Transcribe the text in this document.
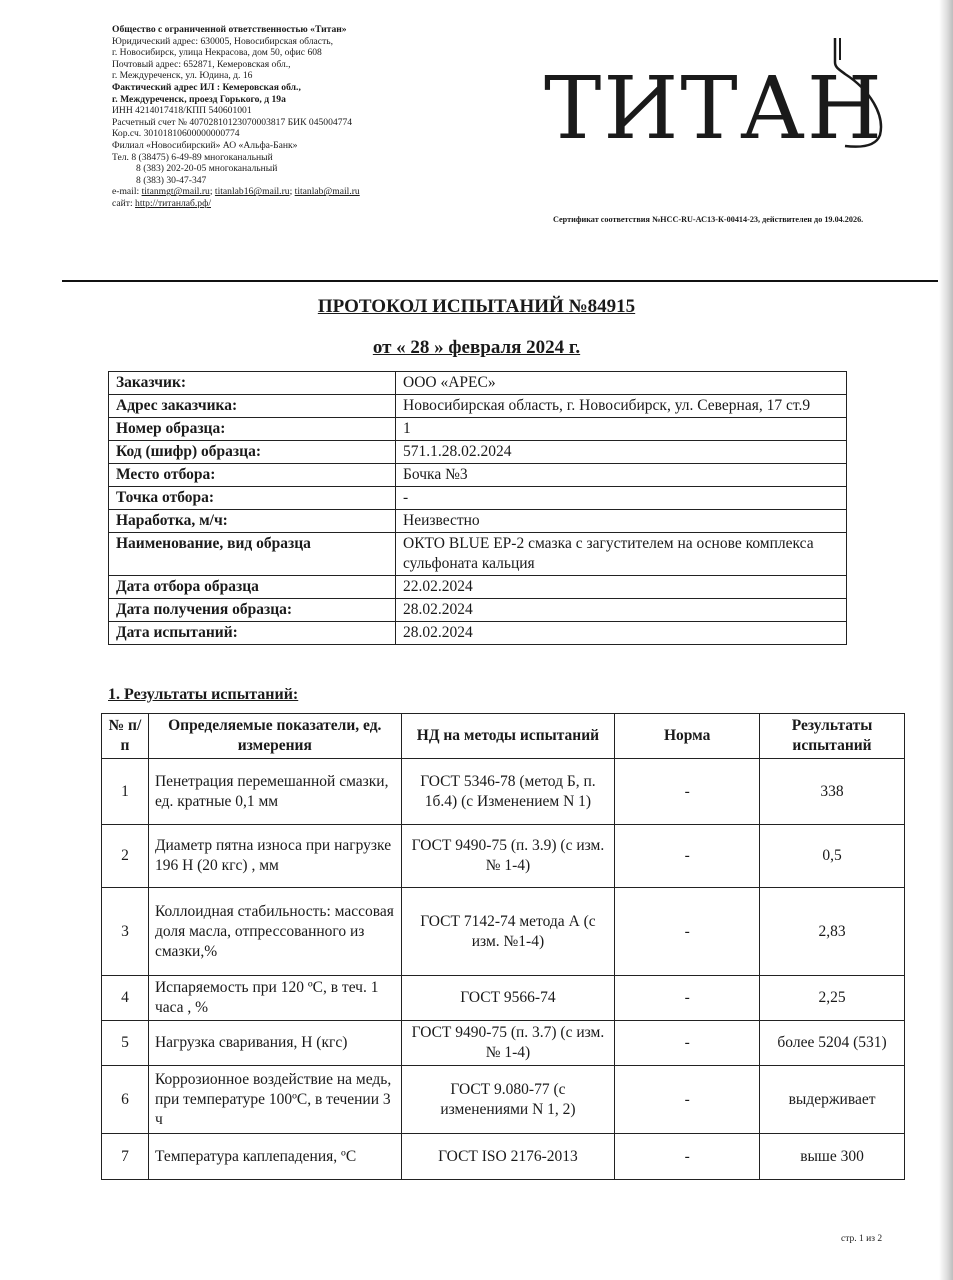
Общество с ограниченной ответственностью «Титан»
Юридический адрес: 630005, Новосибирская область,
г. Новосибирск, улица Некрасова, дом 50, офис 608
Почтовый адрес: 652871, Кемеровская обл.,
г. Междуреченск, ул. Юдина, д. 16
Фактический адрес ИЛ : Кемеровская обл.,
г. Междуреченск, проезд Горького, д 19а
ИНН 4214017418/КПП 540601001
Расчетный счет № 40702810123070003817 БИК 045004774
Кор.сч. 30101810600000000774
Филиал «Новосибирский» АО «Альфа-Банк»
Тел. 8 (38475) 6-49-89 многоканальный
8 (383) 202-20-05 многоканальный
8 (383) 30-47-347
e-mail: titanmgt@mail.ru; titanlab16@mail.ru; titanlab@mail.ru
сайт: http://титанлаб.рф/
ТИТАН
Сертификат соответствия №НСС-RU-АС13-К-00414-23, действителен до 19.04.2026.
ПРОТОКОЛ ИСПЫТАНИЙ №84915
от « 28 » февраля 2024 г.
Заказчик:	ООО «АРЕС»
Адрес заказчика:	Новосибирская область, г. Новосибирск, ул. Северная, 17 ст.9
Номер образца:	1
Код (шифр) образца:	571.1.28.02.2024
Место отбора:	Бочка №3
Точка отбора:	-
Наработка, м/ч:	Неизвестно
Наименование, вид образца	ОКТО BLUE EP-2 смазка с загустителем на основе комплекса сульфоната кальция
Дата отбора образца	22.02.2024
Дата получения образца:	28.02.2024
Дата испытаний:	28.02.2024
1. Результаты испытаний:
№ п/п	Определяемые показатели, ед. измерения	НД на методы испытаний	Норма	Результаты испытаний
1	Пенетрация перемешанной смазки, ед. кратные 0,1 мм	ГОСТ 5346-78 (метод Б, п. 1б.4) (с Изменением N 1)	-	338
2	Диаметр пятна износа при нагрузке 196 Н (20 кгс) , мм	ГОСТ 9490-75 (п. 3.9) (с изм. № 1-4)	-	0,5
3	Коллоидная стабильность: массовая доля масла, отпрессованного из смазки,%	ГОСТ 7142-74 метода А (с изм. №1-4)	-	2,83
4	Испаряемость при 120 ºС, в теч. 1 часа , %	ГОСТ 9566-74	-	2,25
5	Нагрузка сваривания, Н (кгс)	ГОСТ 9490-75 (п. 3.7) (с изм. № 1-4)	-	более 5204 (531)
6	Коррозионное воздействие на медь, при температуре 100ºС, в течении 3 ч	ГОСТ 9.080-77 (с изменениями N 1, 2)	-	выдерживает
7	Температура каплепадения, ºС	ГОСТ ISO 2176-2013	-	выше 300
стр. 1 из 2
